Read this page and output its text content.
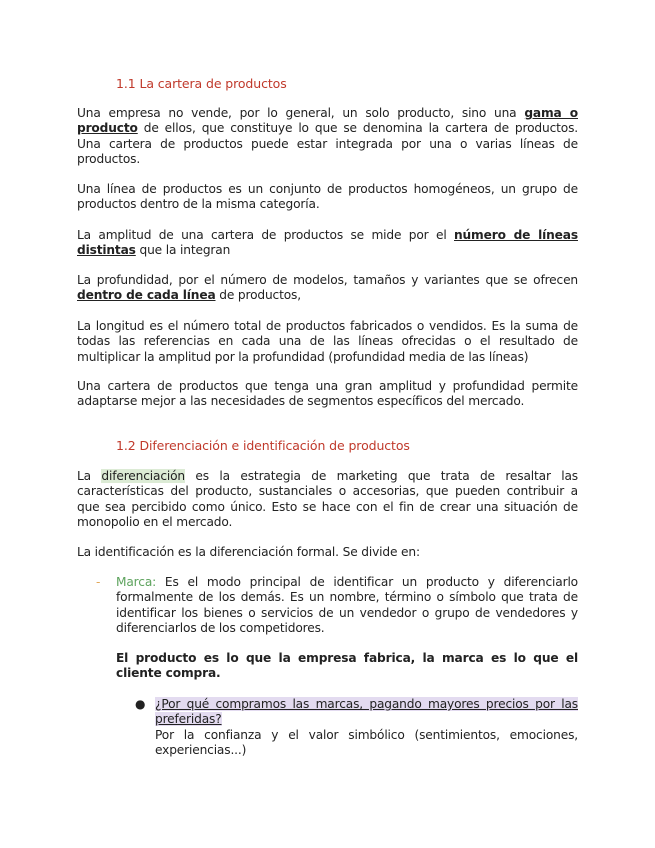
1.1 La cartera de productos
Una empresa no vende, por lo general, un solo producto, sino una gama o producto de ellos, que constituye lo que se denomina la cartera de productos. Una cartera de productos puede estar integrada por una o varias líneas de productos.
Una línea de productos es un conjunto de productos homogéneos, un grupo de productos dentro de la misma categoría.
La amplitud de una cartera de productos se mide por el número de líneas distintas que la integran
La profundidad, por el número de modelos, tamaños y variantes que se ofrecen dentro de cada línea de productos,
La longitud es el número total de productos fabricados o vendidos. Es la suma de todas las referencias en cada una de las líneas ofrecidas o el resultado de multiplicar la amplitud por la profundidad (profundidad media de las líneas)
Una cartera de productos que tenga una gran amplitud y profundidad permite adaptarse mejor a las necesidades de segmentos específicos del mercado.
1.2 Diferenciación e identificación de productos
La diferenciación es la estrategia de marketing que trata de resaltar las características del producto, sustanciales o accesorias, que pueden contribuir a que sea percibido como único. Esto se hace con el fin de crear una situación de monopolio en el mercado.
La identificación es la diferenciación formal. Se divide en:
- Marca: Es el modo principal de identificar un producto y diferenciarlo formalmente de los demás. Es un nombre, término o símbolo que trata de identificar los bienes o servicios de un vendedor o grupo de vendedores y diferenciarlos de los competidores.
El producto es lo que la empresa fabrica, la marca es lo que el cliente compra.
● ¿Por qué compramos las marcas, pagando mayores precios por las preferidas?
Por la confianza y el valor simbólico (sentimientos, emociones, experiencias...)
